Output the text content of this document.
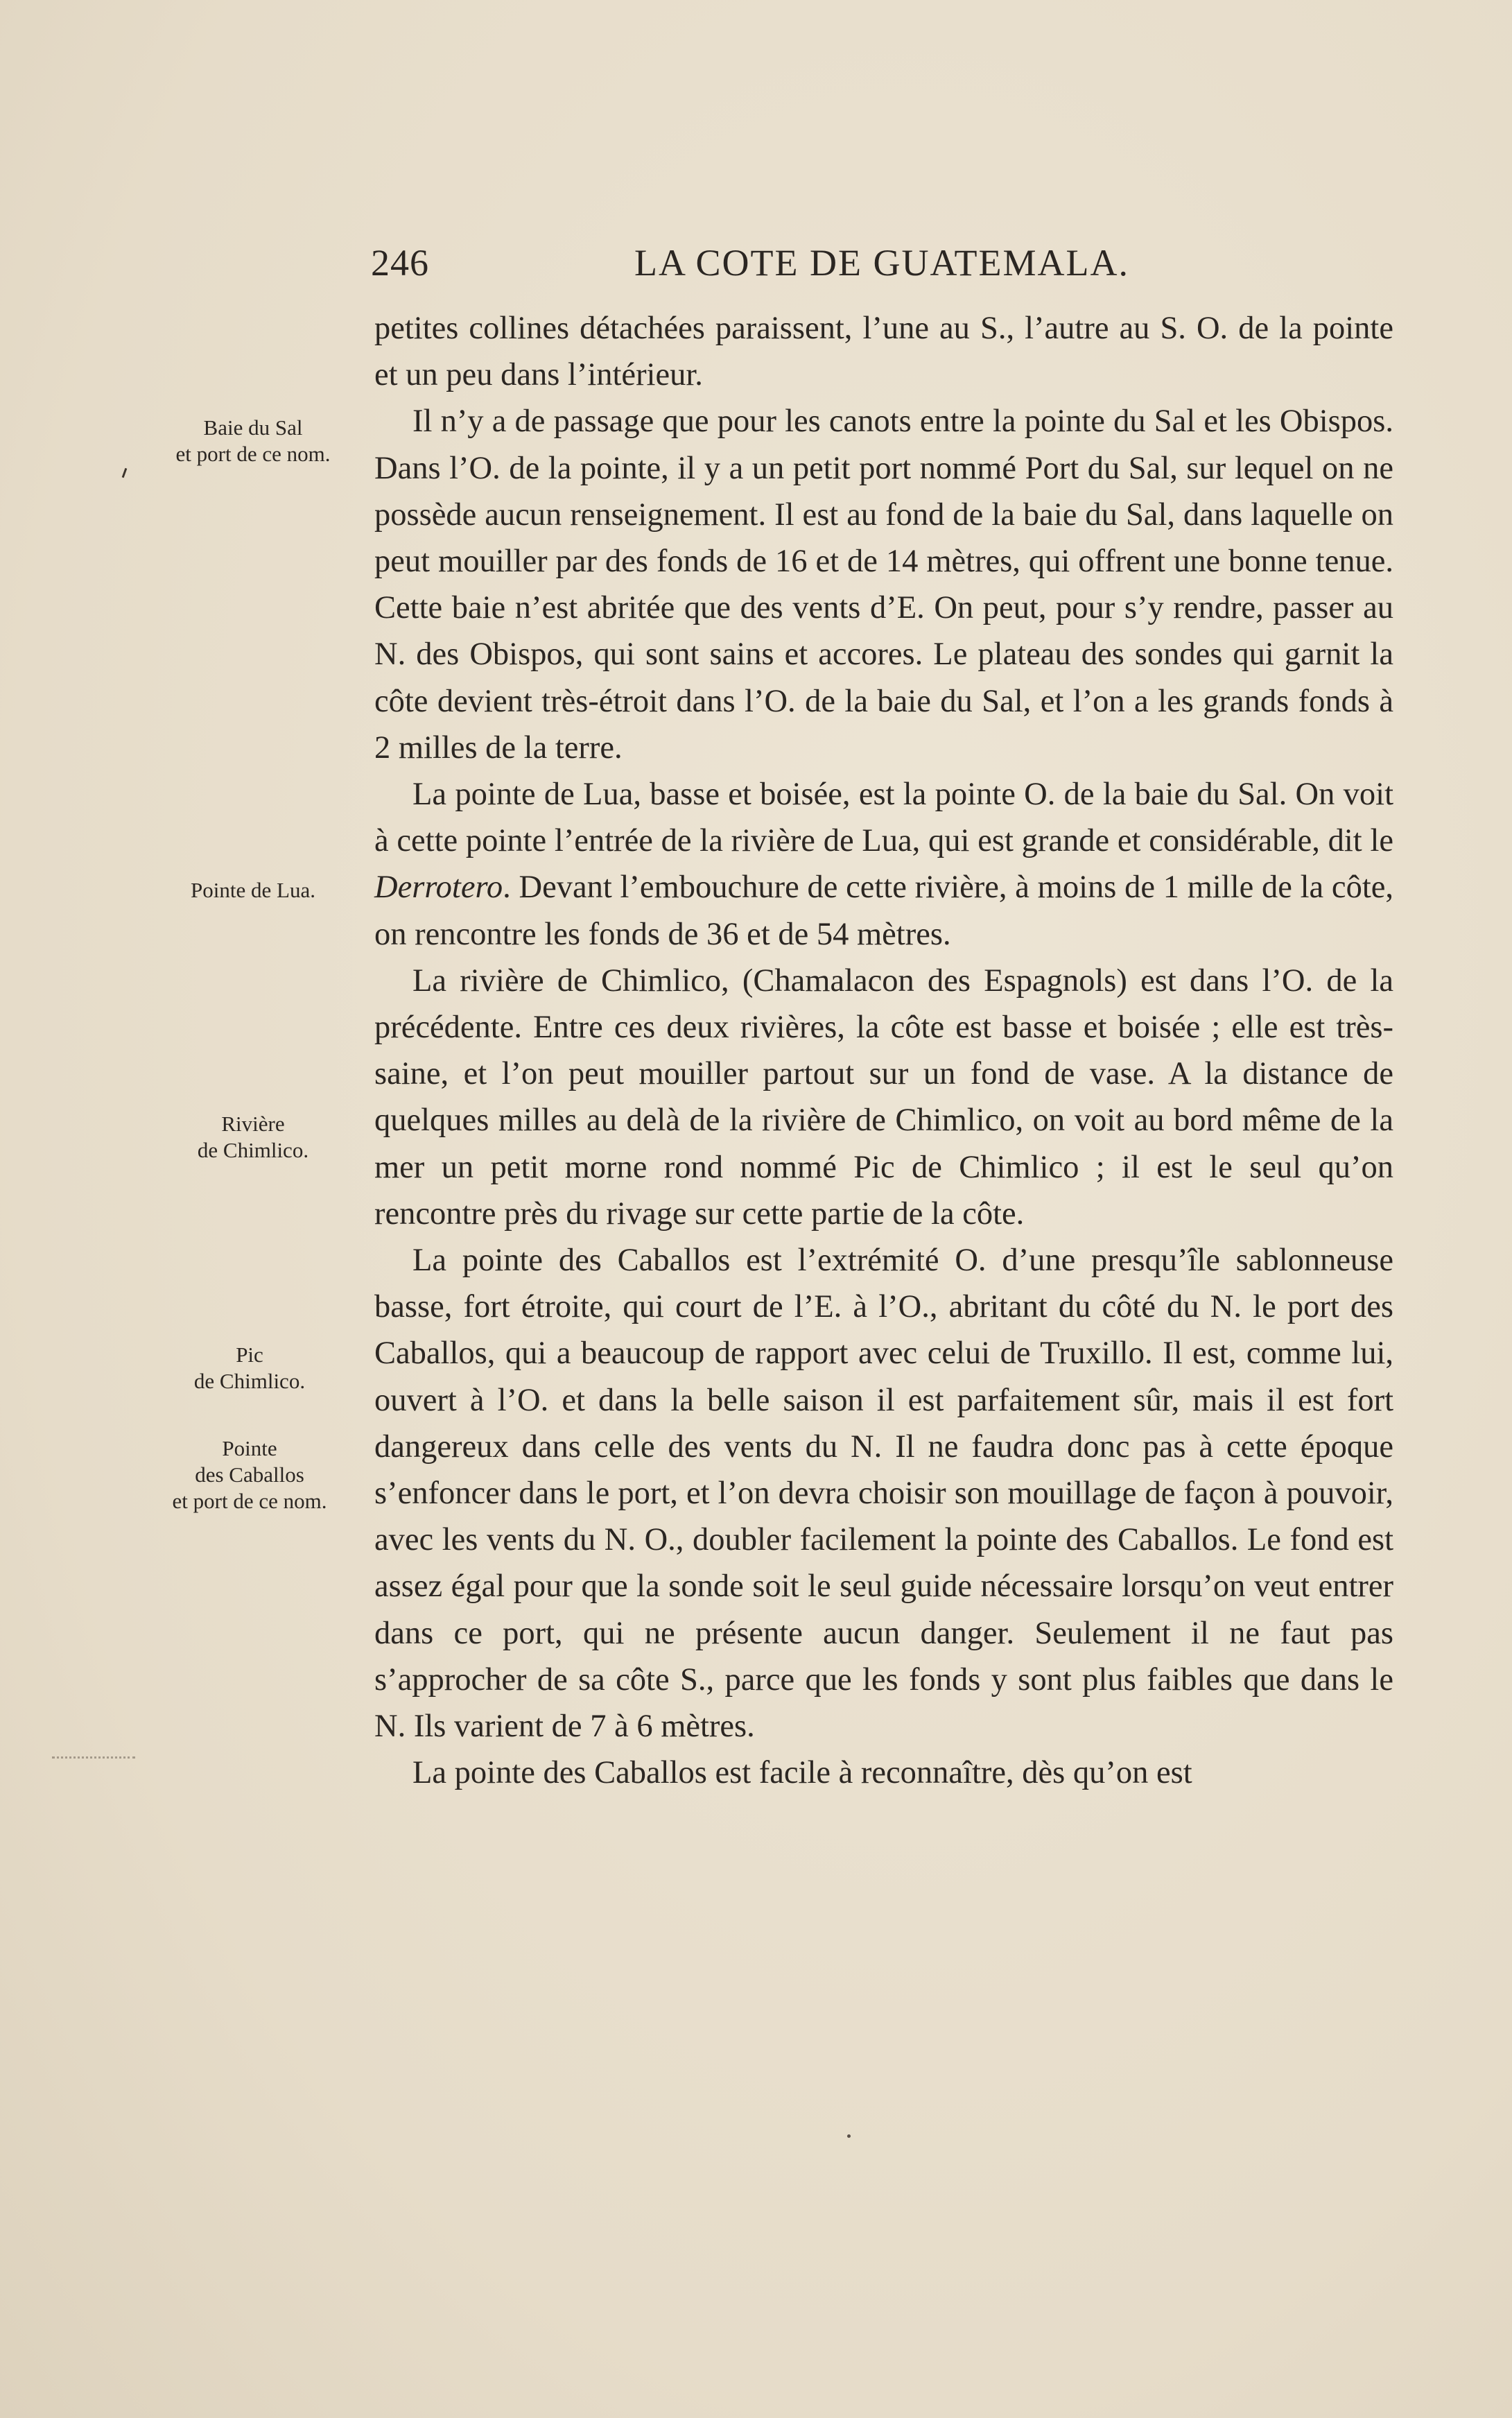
246	LA COTE DE GUATEMALA.
Baie du Sal
et port de ce nom.
Pointe de Lua.
Rivière
de Chimlico.
Pic
de Chimlico.
Pointe
des Caballos
et port de ce nom.

petites collines détachées paraissent, l’une au S., l’autre au S. O. de la pointe et un peu dans l’intérieur.

Il n’y a de passage que pour les canots entre la pointe du Sal et les Obispos. Dans l’O. de la pointe, il y a un petit port nommé Port du Sal, sur lequel on ne possède aucun renseignement. Il est au fond de la baie du Sal, dans laquelle on peut mouiller par des fonds de 16 et de 14 mètres, qui offrent une bonne tenue. Cette baie n’est abritée que des vents d’E. On peut, pour s’y rendre, passer au N. des Obispos, qui sont sains et accores. Le plateau des sondes qui garnit la côte devient très-étroit dans l’O. de la baie du Sal, et l’on a les grands fonds à 2 milles de la terre.

La pointe de Lua, basse et boisée, est la pointe O. de la baie du Sal. On voit à cette pointe l’entrée de la rivière de Lua, qui est grande et considérable, dit le Derrotero. Devant l’embouchure de cette rivière, à moins de 1 mille de la côte, on rencontre les fonds de 36 et de 54 mètres.

La rivière de Chimlico, (Chamalacon des Espagnols) est dans l’O. de la précédente. Entre ces deux rivières, la côte est basse et boisée ; elle est très-saine, et l’on peut mouiller partout sur un fond de vase. A la distance de quelques milles au delà de la rivière de Chimlico, on voit au bord même de la mer un petit morne rond nommé Pic de Chimlico ; il est le seul qu’on rencontre près du rivage sur cette partie de la côte.

La pointe des Caballos est l’extrémité O. d’une presqu’île sablonneuse basse, fort étroite, qui court de l’E. à l’O., abritant du côté du N. le port des Caballos, qui a beaucoup de rapport avec celui de Truxillo. Il est, comme lui, ouvert à l’O. et dans la belle saison il est parfaitement sûr, mais il est fort dangereux dans celle des vents du N. Il ne faudra donc pas à cette époque s’enfoncer dans le port, et l’on devra choisir son mouillage de façon à pouvoir, avec les vents du N. O., doubler facilement la pointe des Caballos. Le fond est assez égal pour que la sonde soit le seul guide nécessaire lorsqu’on veut entrer dans ce port, qui ne présente aucun danger. Seulement il ne faut pas s’approcher de sa côte S., parce que les fonds y sont plus faibles que dans le N. Ils varient de 7 à 6 mètres.

La pointe des Caballos est facile à reconnaître, dès qu’on est
